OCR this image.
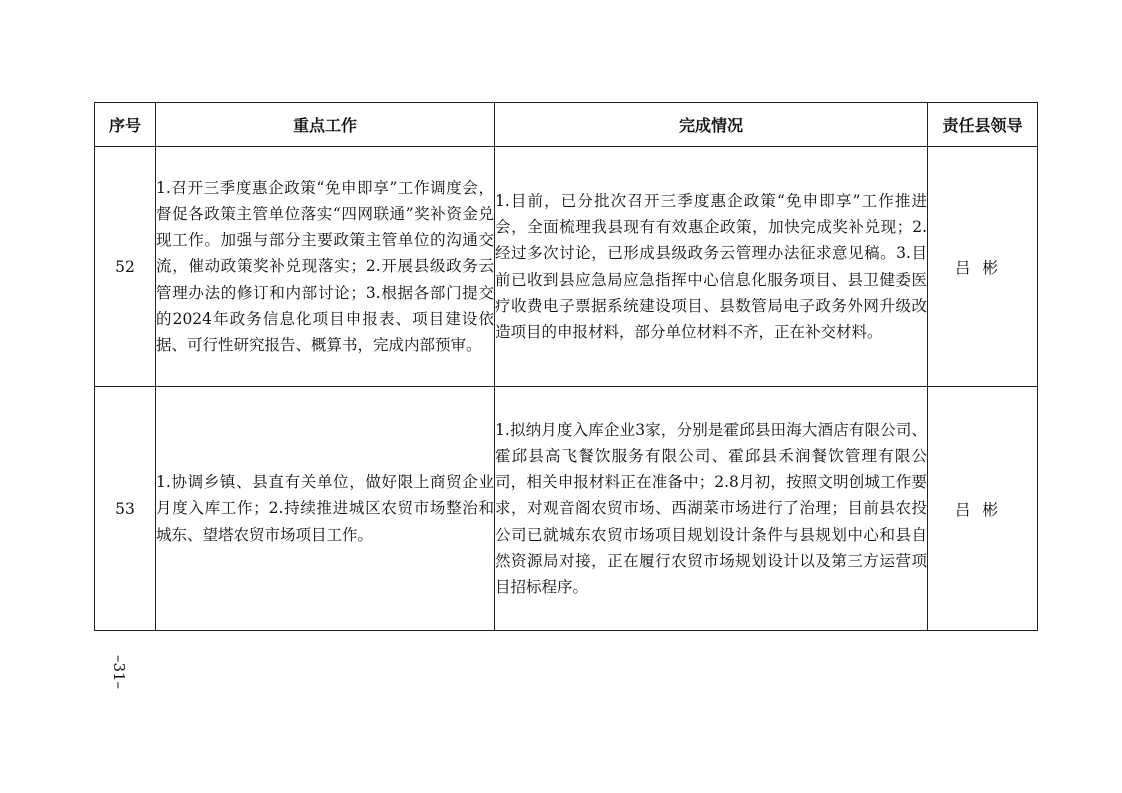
序号	重点工作	完成情况	责任县领导
52	1.召开三季度惠企政策“免申即享”工作调度会，督促各政策主管单位落实“四网联通”奖补资金兑现工作。加强与部分主要政策主管单位的沟通交流，催动政策奖补兑现落实；2.开展县级政务云管理办法的修订和内部讨论；3.根据各部门提交的2024年政务信息化项目申报表、项目建设依据、可行性研究报告、概算书，完成内部预审。	1.目前，已分批次召开三季度惠企政策“免申即享”工作推进会，全面梳理我县现有有效惠企政策，加快完成奖补兑现；2.经过多次讨论，已形成县级政务云管理办法征求意见稿。3.目前已收到县应急局应急指挥中心信息化服务项目、县卫健委医疗收费电子票据系统建设项目、县数管局电子政务外网升级改造项目的申报材料，部分单位材料不齐，正在补交材料。	吕彬
53	1.协调乡镇、县直有关单位，做好限上商贸企业月度入库工作；2.持续推进城区农贸市场整治和城东、望塔农贸市场项目工作。	1.拟纳月度入库企业3家，分别是霍邱县田海大酒店有限公司、霍邱县高飞餐饮服务有限公司、霍邱县禾润餐饮管理有限公司，相关申报材料正在准备中；2.8月初，按照文明创城工作要求，对观音阁农贸市场、西湖菜市场进行了治理；目前县农投公司已就城东农贸市场项目规划设计条件与县规划中心和县自然资源局对接，正在履行农贸市场规划设计以及第三方运营项目招标程序。	吕彬
–31–
